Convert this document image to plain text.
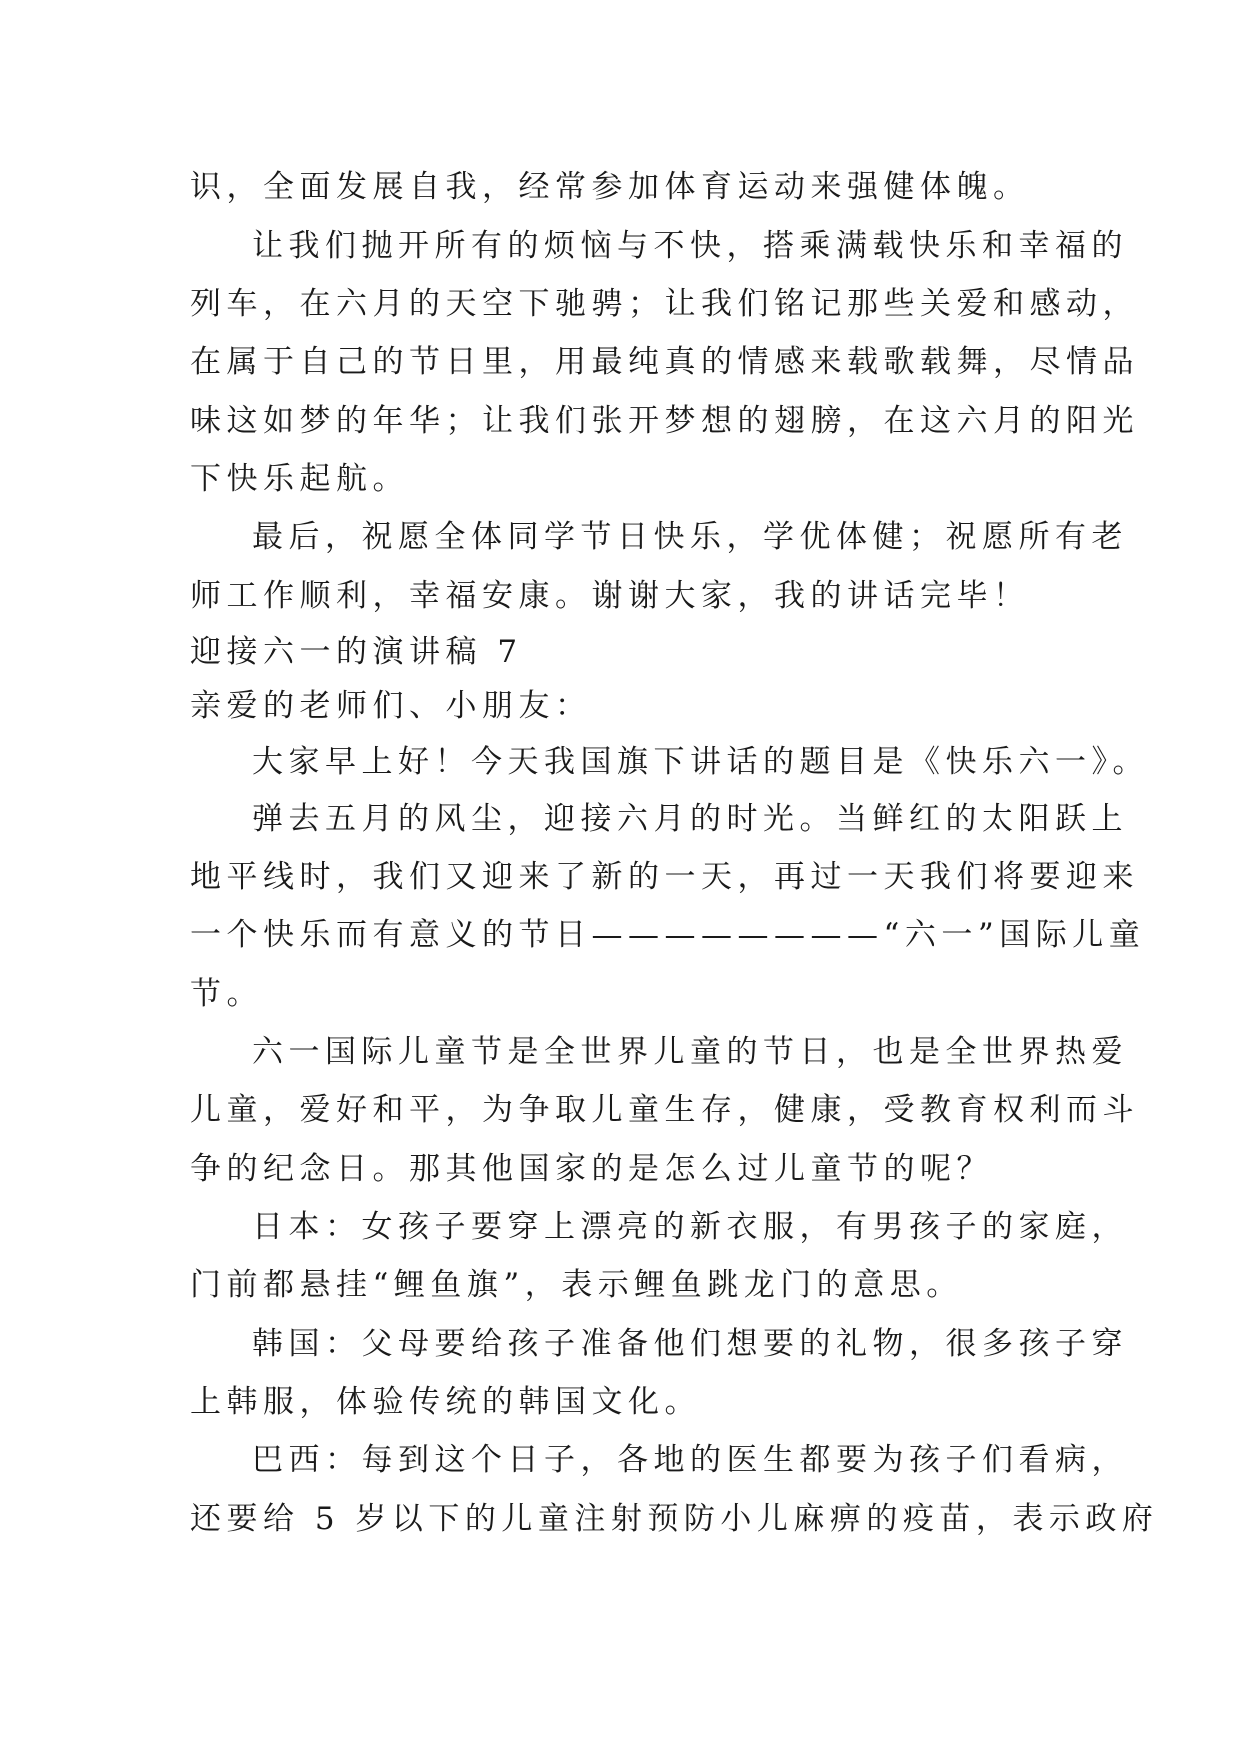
识，全面发展自我，经常参加体育运动来强健体魄。
让我们抛开所有的烦恼与不快，搭乘满载快乐和幸福的
列车，在六月的天空下驰骋；让我们铭记那些关爱和感动，
在属于自己的节日里，用最纯真的情感来载歌载舞，尽情品
味这如梦的年华；让我们张开梦想的翅膀，在这六月的阳光
下快乐起航。
最后，祝愿全体同学节日快乐，学优体健；祝愿所有老
师工作顺利，幸福安康。谢谢大家，我的讲话完毕！
迎接六一的演讲稿 7
亲爱的老师们、小朋友：
大家早上好！今天我国旗下讲话的题目是《快乐六一》。
弹去五月的风尘，迎接六月的时光。当鲜红的太阳跃上
地平线时，我们又迎来了新的一天，再过一天我们将要迎来
一个快乐而有意义的节日————————“六一”国际儿童
节。
六一国际儿童节是全世界儿童的节日，也是全世界热爱
儿童，爱好和平，为争取儿童生存，健康，受教育权利而斗
争的纪念日。那其他国家的是怎么过儿童节的呢？
日本：女孩子要穿上漂亮的新衣服，有男孩子的家庭，
门前都悬挂“鲤鱼旗”，表示鲤鱼跳龙门的意思。
韩国：父母要给孩子准备他们想要的礼物，很多孩子穿
上韩服，体验传统的韩国文化。
巴西：每到这个日子，各地的医生都要为孩子们看病，
还要给 5 岁以下的儿童注射预防小儿麻痹的疫苗，表示政府
